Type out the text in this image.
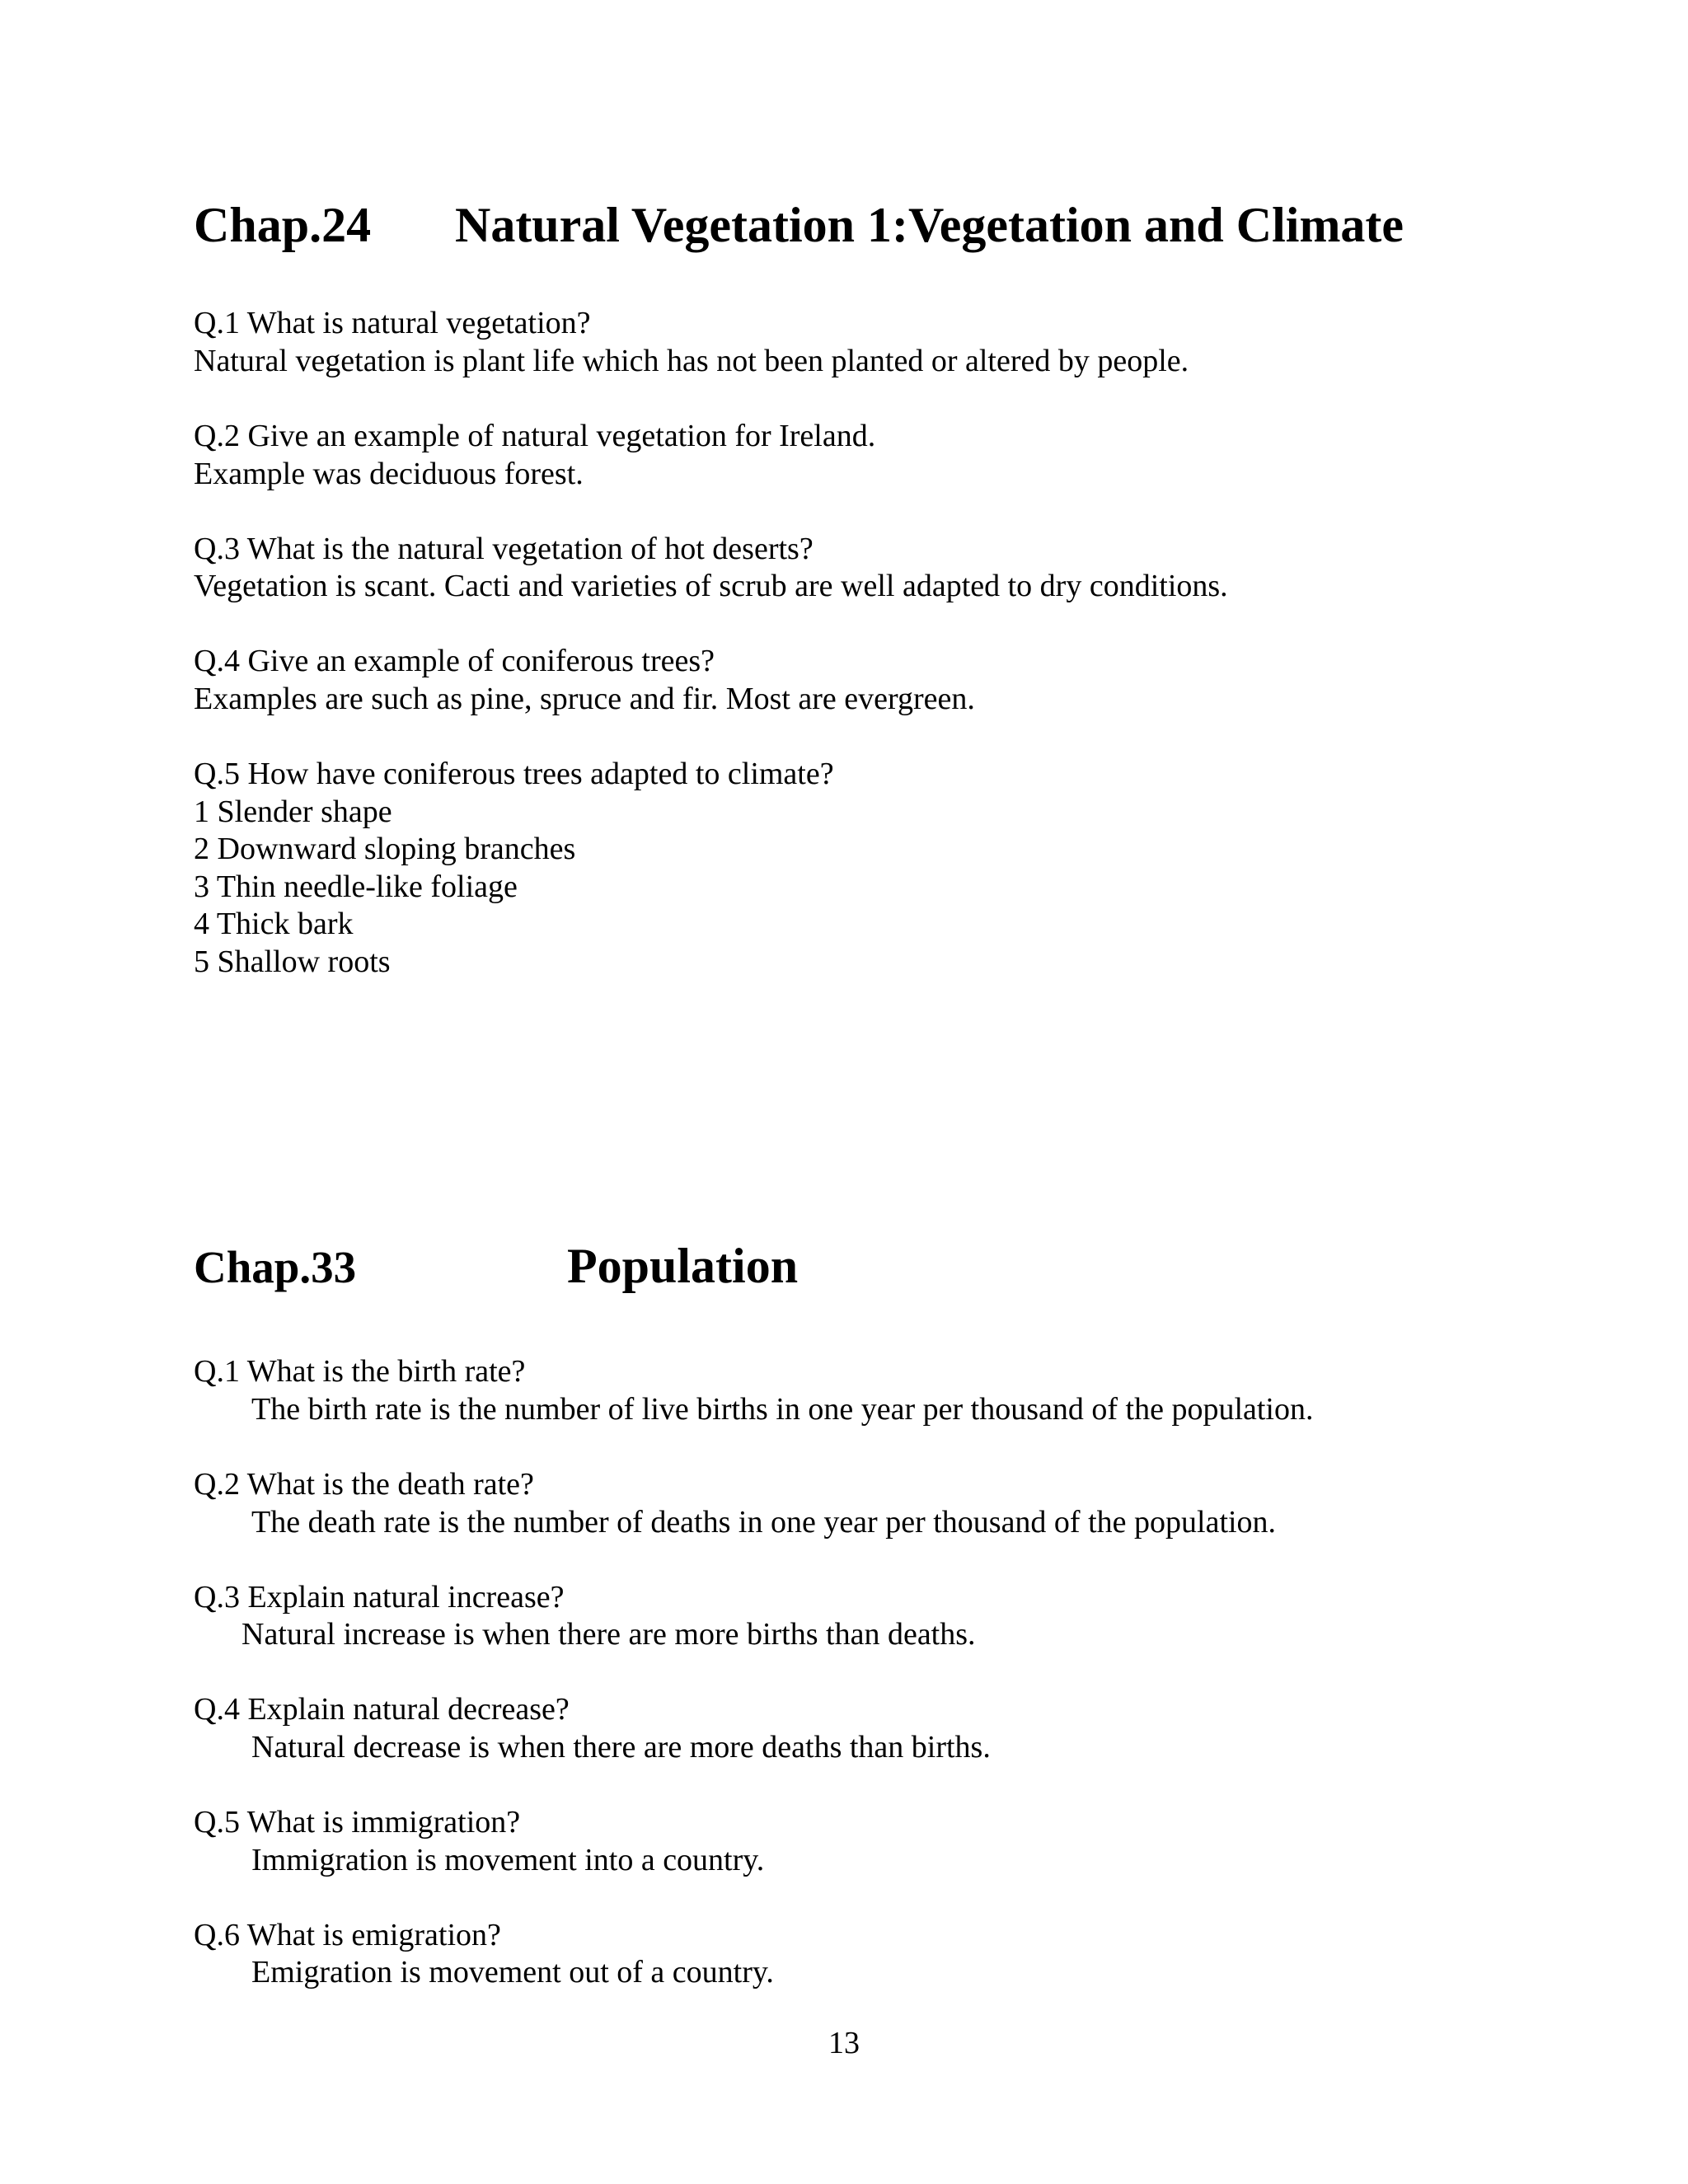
Chap.24 Natural Vegetation 1:Vegetation and Climate
Q.1 What is natural vegetation?
Natural vegetation is plant life which has not been planted or altered by people.
Q.2 Give an example of natural vegetation for Ireland.
Example was deciduous forest.
Q.3 What is the natural vegetation of hot deserts?
Vegetation is scant. Cacti and varieties of scrub are well adapted to dry conditions.
Q.4 Give an example of coniferous trees?
Examples are such as pine, spruce and fir. Most are evergreen.
Q.5 How have coniferous trees adapted to climate?
1 Slender shape
2 Downward sloping branches
3 Thin needle-like foliage
4 Thick bark
5 Shallow roots
Chap.33	Population
Q.1 What is the birth rate?
The birth rate is the number of live births in one year per thousand of the population.
Q.2 What is the death rate?
The death rate is the number of deaths in one year per thousand of the population.
Q.3 Explain natural increase?
Natural increase is when there are more births than deaths.
Q.4 Explain natural decrease?
Natural decrease is when there are more deaths than births.
Q.5 What is immigration?
Immigration is movement into a country.
Q.6 What is emigration?
Emigration is movement out of a country.
13
